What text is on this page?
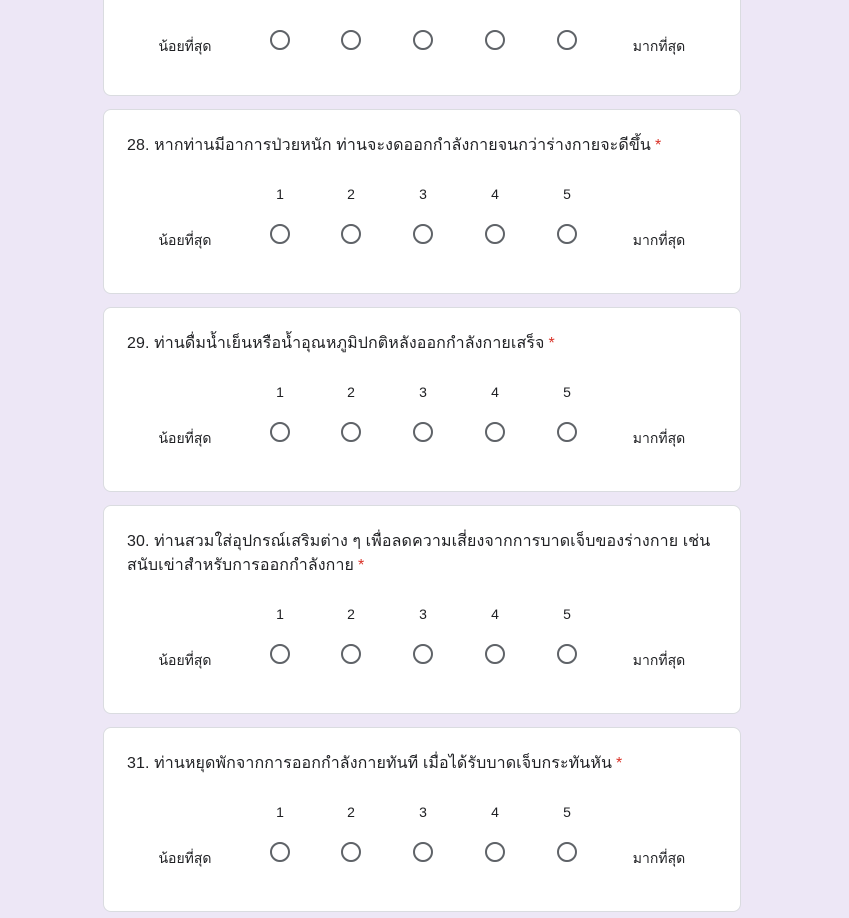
น้อยที่สุด	มากที่สุด
28. หากท่านมีอาการป่วยหนัก ท่านจะงดออกกำลังกายจนกว่าร่างกายจะดีขึ้น *
1	2	3	4	5
น้อยที่สุด	มากที่สุด
29. ท่านดื่มน้ำเย็นหรือน้ำอุณหภูมิปกติหลังออกกำลังกายเสร็จ *
1	2	3	4	5
น้อยที่สุด	มากที่สุด
30. ท่านสวมใส่อุปกรณ์เสริมต่าง ๆ เพื่อลดความเสี่ยงจากการบาดเจ็บของร่างกาย เช่น สนับเข่าสำหรับการออกกำลังกาย *
1	2	3	4	5
น้อยที่สุด	มากที่สุด
31. ท่านหยุดพักจากการออกกำลังกายทันที เมื่อได้รับบาดเจ็บกระทันหัน *
1	2	3	4	5
น้อยที่สุด	มากที่สุด
